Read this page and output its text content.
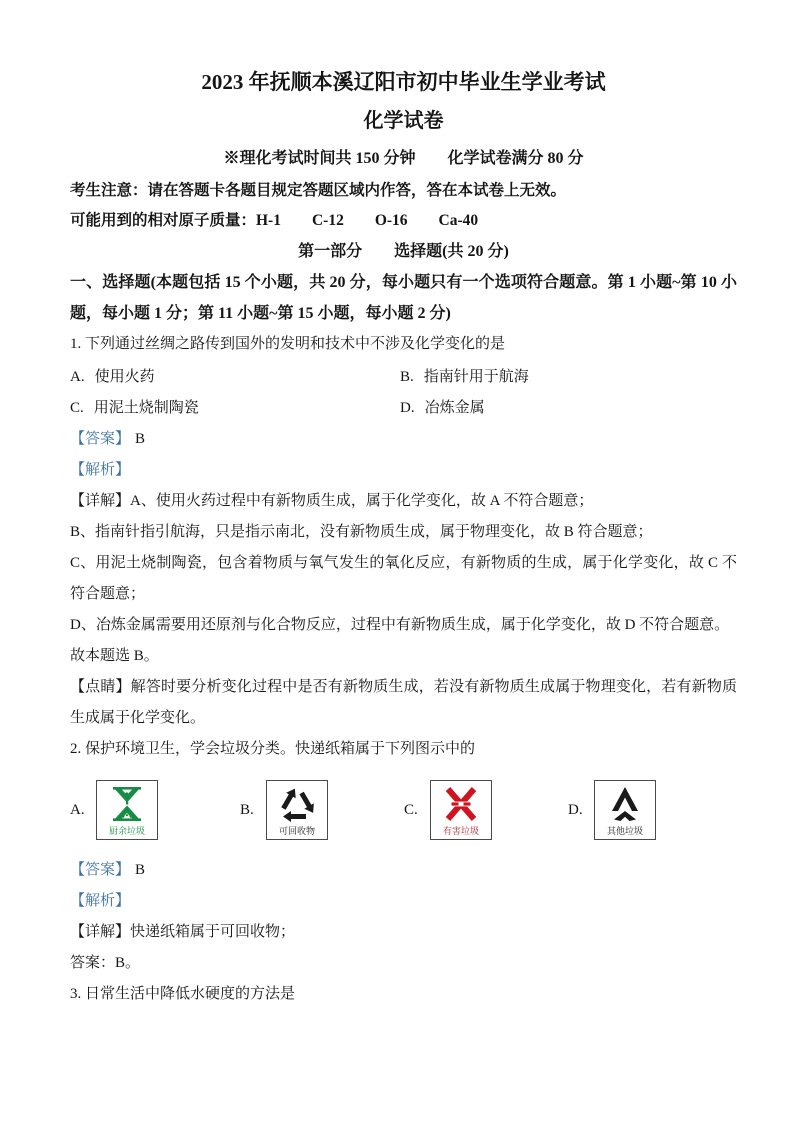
2023 年抚顺本溪辽阳市初中毕业生学业考试
化学试卷
※理化考试时间共 150 分钟　　化学试卷满分 80 分

考生注意：请在答题卡各题目规定答题区域内作答，答在本试卷上无效。

可能用到的相对原子质量：H-1　　C-12　　O-16　　Ca-40

第一部分　　选择题(共 20 分)

一、选择题(本题包括 15 个小题，共 20 分，每小题只有一个选项符合题意。第 1 小题~第 10 小题，每小题 1 分；第 11 小题~第 15 小题，每小题 2 分)

1. 下列通过丝绸之路传到国外的发明和技术中不涉及化学变化的是

A. 使用火药	B. 指南针用于航海

C. 用泥土烧制陶瓷	D. 冶炼金属

【答案】 B

【解析】

【详解】A、使用火药过程中有新物质生成，属于化学变化，故 A 不符合题意；

B、指南针指引航海，只是指示南北，没有新物质生成，属于物理变化，故 B 符合题意；

C、用泥土烧制陶瓷，包含着物质与氧气发生的氧化反应，有新物质的生成，属于化学变化，故 C 不符合题意；

D、冶炼金属需要用还原剂与化合物反应，过程中有新物质生成，属于化学变化，故 D 不符合题意。

故本题选 B。

【点睛】解答时要分析变化过程中是否有新物质生成，若没有新物质生成属于物理变化，若有新物质生成属于化学变化。

2. 保护环境卫生，学会垃圾分类。快递纸箱属于下列图示中的

A.
厨余垃圾
B.
可回收物
C.
有害垃圾
D.
其他垃圾

【答案】 B

【解析】

【详解】快递纸箱属于可回收物；

答案：B。

3. 日常生活中降低水硬度的方法是
